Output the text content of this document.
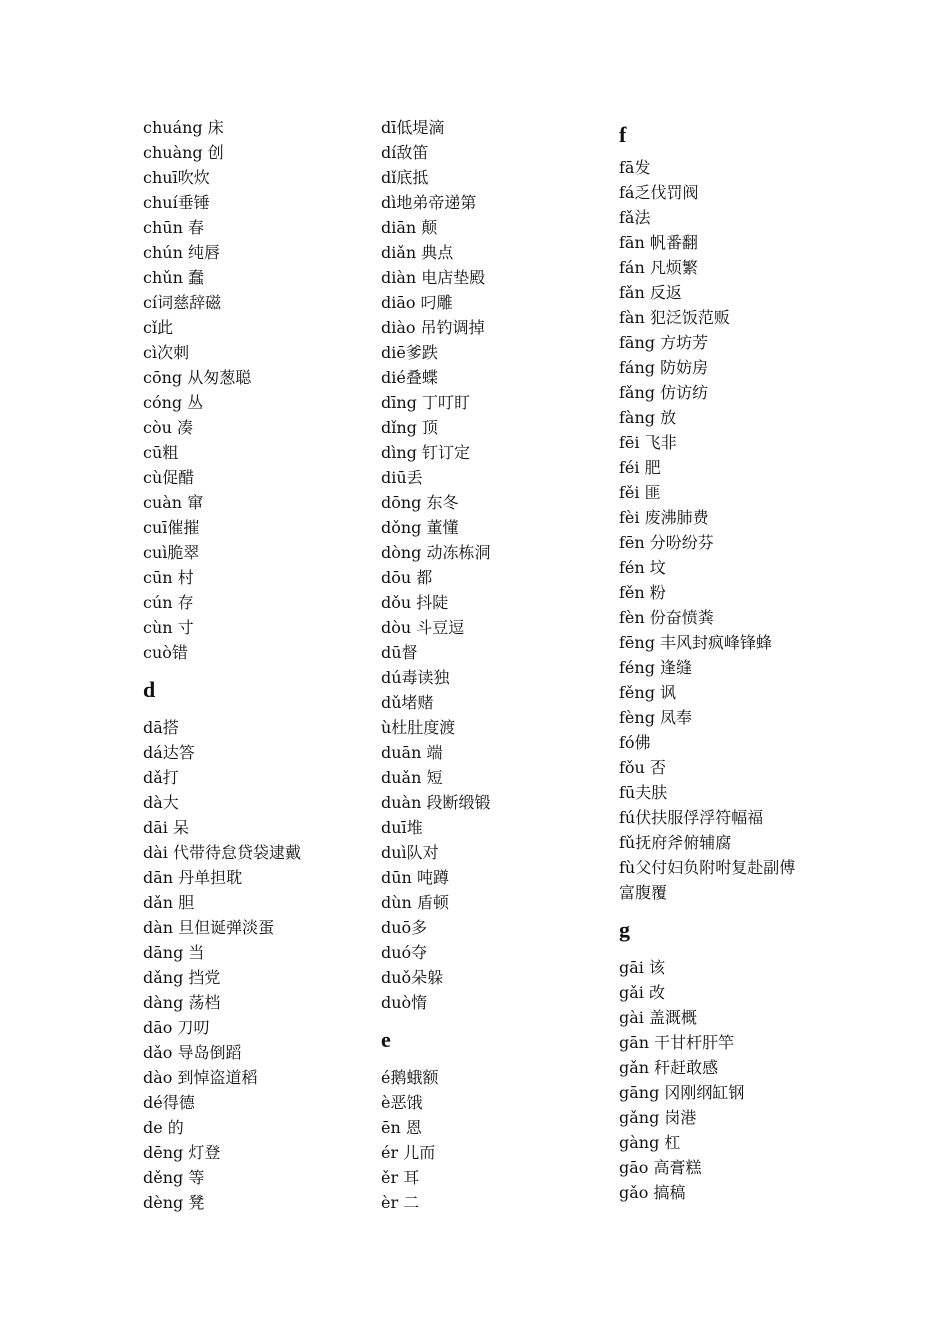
chuáng 床
chuàng 创
chuī吹炊
chuí垂锤
chūn 春
chún 纯唇
chǔn 蠢
cí词慈辞磁
cǐ此
cì次刺
cōng 从匆葱聪
cóng 丛
còu 凑
cū粗
cù促醋
cuàn 窜
cuī催摧
cuì脆翠
cūn 村
cún 存
cùn 寸
cuò错
d
dā搭
dá达答
dǎ打
dà大
dāi 呆
dài 代带待怠贷袋逮戴
dān 丹单担耽
dǎn 胆
dàn 旦但诞弹淡蛋
dāng 当
dǎng 挡党
dàng 荡档
dāo 刀叨
dǎo 导岛倒蹈
dào 到悼盗道稻
dé得德
de 的
dēng 灯登
děng 等
dèng 凳
dī低堤滴
dí敌笛
dǐ底抵
dì地弟帝递第
diān 颠
diǎn 典点
diàn 电店垫殿
diāo 叼雕
diào 吊钓调掉
diē爹跌
dié叠蝶
dīng 丁叮盯
dǐng 顶
dìng 钉订定
diū丢
dōng 东冬
dǒng 董懂
dòng 动冻栋洞
dōu 都
dǒu 抖陡
dòu 斗豆逗
dū督
dú毒读独
dǔ堵赌
ù杜肚度渡
duān 端
duǎn 短
duàn 段断缎锻
duī堆
duì队对
dūn 吨蹲
dùn 盾顿
duō多
duó夺
duǒ朵躲
duò惰
e
é鹅蛾额
è恶饿
ēn 恩
ér 儿而
ěr 耳
èr 二
f
fā发
fá乏伐罚阀
fǎ法
fān 帆番翻
fán 凡烦繁
fǎn 反返
fàn 犯泛饭范贩
fāng 方坊芳
fáng 防妨房
fǎng 仿访纺
fàng 放
fēi 飞非
féi 肥
fěi 匪
fèi 废沸肺费
fēn 分吩纷芬
fén 坟
fěn 粉
fèn 份奋愤粪
fēng 丰风封疯峰锋蜂
féng 逢缝
fěng 讽
fèng 凤奉
fó佛
fǒu 否
fū夫肤
fú伏扶服俘浮符幅福
fǔ抚府斧俯辅腐
fù父付妇负附咐复赴副傅
富腹覆
g
gāi 该
gǎi 改
gài 盖溉概
gān 干甘杆肝竿
gǎn 秆赶敢感
gāng 冈刚纲缸钢
gǎng 岗港
gàng 杠
gāo 高膏糕
gǎo 搞稿
